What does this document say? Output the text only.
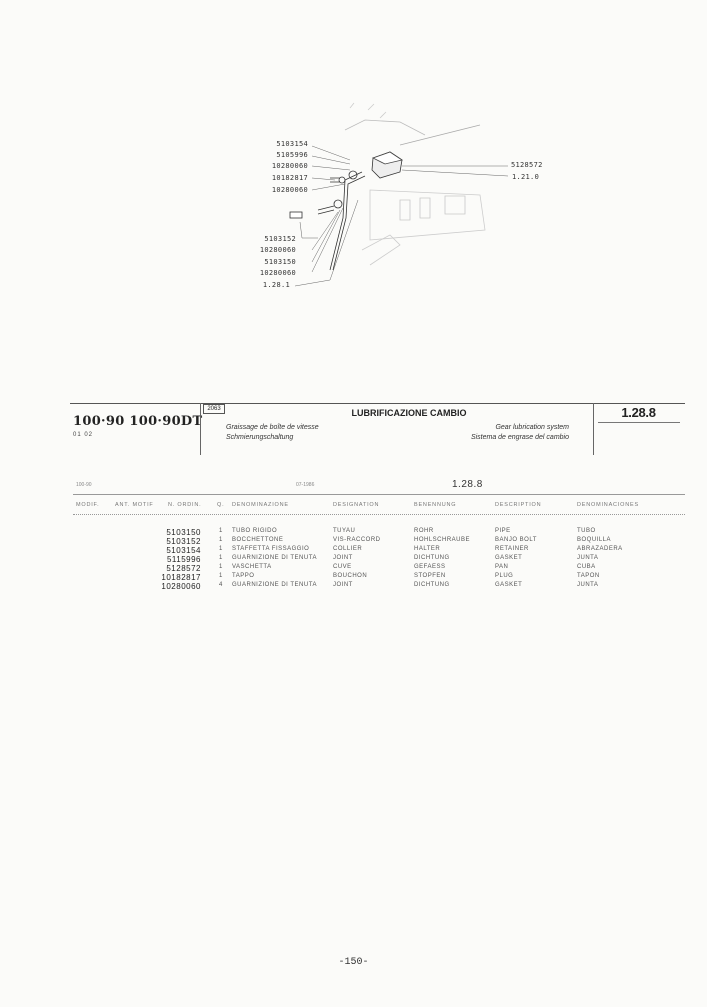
5103154
5105996
10280060
10182817
10280060
5103152
10280060
5103150
10280060
1.28.1
5128572
1.21.0
100·90 100·90DT
01 02
2063	LUBRIFICAZIONE CAMBIO
Graissage de boîte de vitesse	Gear lubrication system
Schmierungschaltung	Sistema de engrase del cambio
1.28.8
100-90	07-1986	1.28.8
MODIF.	ANT. MOTIF	N. ORDIN.	Q. DENOMINAZIONE	DESIGNATION	BENENNUNG	DESCRIPTION	DENOMINACIONES
5103150	1 TUBO RIGIDO	TUYAU	ROHR	PIPE	TUBO
5103152	1 BOCCHETTONE	VIS-RACCORD	HOHLSCHRAUBE	BANJO BOLT	BOQUILLA
5103154	1 STAFFETTA FISSAGGIO	COLLIER	HALTER	RETAINER	ABRAZADERA
5115996	1 GUARNIZIONE DI TENUTA	JOINT	DICHTUNG	GASKET	JUNTA
5128572	1 VASCHETTA	CUVE	GEFAESS	PAN	CUBA
10182817	1 TAPPO	BOUCHON	STOPFEN	PLUG	TAPON
10280060	4 GUARNIZIONE DI TENUTA	JOINT	DICHTUNG	GASKET	JUNTA
-150-
